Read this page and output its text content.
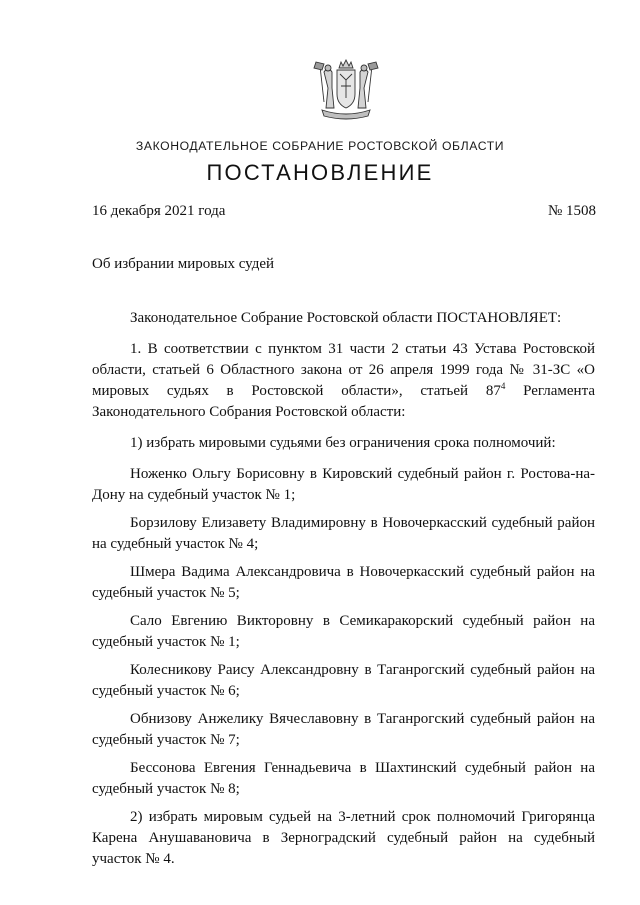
ЗАКОНОДАТЕЛЬНОЕ СОБРАНИЕ РОСТОВСКОЙ ОБЛАСТИ
ПОСТАНОВЛЕНИЕ
16 декабря 2021 года	№ 1508
Об избрании мировых судей

Законодательное Собрание Ростовской области ПОСТАНОВЛЯЕТ:

1. В соответствии с пунктом 31 части 2 статьи 43 Устава Ростовской области, статьей 6 Областного закона от 26 апреля 1999 года № 31-ЗС «О мировых судьях в Ростовской области», статьей $87^4$ Регламента Законодательного Собрания Ростовской области:

1) избрать мировыми судьями без ограничения срока полномочий:

Ноженко Ольгу Борисовну в Кировский судебный район г. Ростова-на-Дону на судебный участок № 1;

Борзилову Елизавету Владимировну в Новочеркасский судебный район на судебный участок № 4;

Шмера Вадима Александровича в Новочеркасский судебный район на судебный участок № 5;

Сало Евгению Викторовну в Семикаракорский судебный район на судебный участок № 1;

Колесникову Раису Александровну в Таганрогский судебный район на судебный участок № 6;

Обнизову Анжелику Вячеславовну в Таганрогский судебный район на судебный участок № 7;

Бессонова Евгения Геннадьевича в Шахтинский судебный район на судебный участок № 8;

2) избрать мировым судьей на 3-летний срок полномочий Григорянца Карена Анушавановича в Зерноградский судебный район на судебный участок № 4.
